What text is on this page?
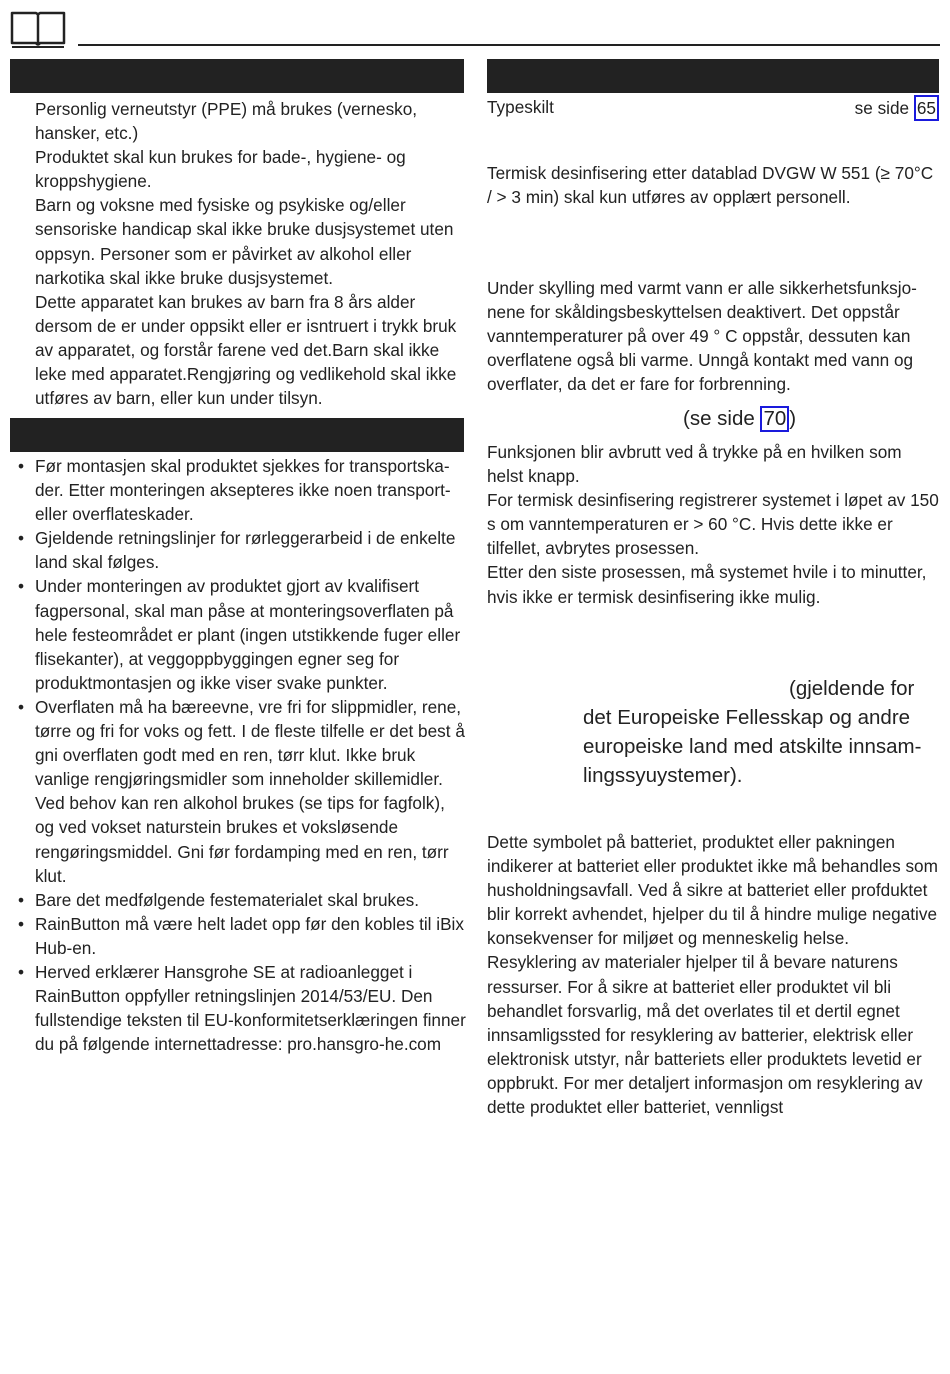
Personlig verneutstyr (PPE) må brukes (vernesko, hansker, etc.)

Produktet skal kun brukes for bade-, hygiene- og kroppshygiene.

Barn og voksne med fysiske og psykiske og/eller sensoriske handicap skal ikke bruke dusjsystemet uten oppsyn. Personer som er påvirket av alkohol eller narkotika skal ikke bruke dusjsystemet.

Dette apparatet kan brukes av barn fra 8 års alder dersom de er under oppsikt eller er isntruert i trykk bruk av apparatet, og forstår farene ved det.Barn skal ikke leke med apparatet.Rengjøring og vedlikehold skal ikke utføres av barn, eller kun under tilsyn.

• Før montasjen skal produktet sjekkes for transportska-der. Etter monteringen aksepteres ikke noen transport- eller overflateskader.
• Gjeldende retningslinjer for rørleggerarbeid i de enkelte land skal følges.
• Under monteringen av produktet gjort av kvalifisert fagpersonal, skal man påse at monteringsoverflaten på hele festeområdet er plant (ingen utstikkende fuger eller flisekanter), at veggoppbyggingen egner seg for produktmontasjen og ikke viser svake punkter.
• Overflaten må ha bæreevne, vre fri for slippmidler, rene, tørre og fri for voks og fett. I de fleste tilfelle er det best å gni overflaten godt med en ren, tørr klut. Ikke bruk vanlige rengjøringsmidler som inneholder skillemidler. Ved behov kan ren alkohol brukes (se tips for fagfolk), og ved vokset naturstein brukes et voksløsende rengøringsmiddel. Gni før fordamping med en ren, tørr klut.
• Bare det medfølgende festematerialet skal brukes.
• RainButton må være helt ladet opp før den kobles til iBix Hub-en.
• Herved erklærer Hansgrohe SE at radioanlegget i RainButton oppfyller retningslinjen 2014/53/EU. Den fullstendige teksten til EU-konformitetserklæringen finner du på følgende internettadresse: pro.hansgro-he.com
Typeskilt	se side 65

Termisk desinfisering etter datablad DVGW W 551 (≥ 70°C / > 3 min) skal kun utføres av opplært personell.

Under skylling med varmt vann er alle sikkerhetsfunksjo-nene for skåldingsbeskyttelsen deaktivert. Det oppstår vanntemperaturer på over 49 ° C oppstår, dessuten kan overflatene også bli varme. Unngå kontakt med vann og overflater, da det er fare for forbrenning.

(se side 70 )

Funksjonen blir avbrutt ved å trykke på en hvilken som helst knapp.

For termisk desinfisering registrerer systemet i løpet av 150 s om vanntemperaturen er > 60 °C. Hvis dette ikke er tilfellet, avbrytes prosessen.

Etter den siste prosessen, må systemet hvile i to minutter, hvis ikke er termisk desinfisering ikke mulig.

(gjeldende for
det Europeiske Fellesskap og andre
europeiske land med atskilte innsam-
lingssyuystemer).

Dette symbolet på batteriet, produktet eller pakningen indikerer at batteriet eller produktet ikke må behandles som husholdningsavfall. Ved å sikre at batteriet eller profduktet blir korrekt avhendet, hjelper du til å hindre mulige negative konsekvenser for miljøet og menneskelig helse. Resyklering av materialer hjelper til å bevare naturens ressurser. For å sikre at batteriet eller produktet vil bli behandlet forsvarlig, må det overlates til et dertil egnet innsamligssted for resyklering av batterier, elektrisk eller elektronisk utstyr, når batteriets eller produktets levetid er oppbrukt. For mer detaljert informasjon om resyklering av dette produktet eller batteriet, vennligst
